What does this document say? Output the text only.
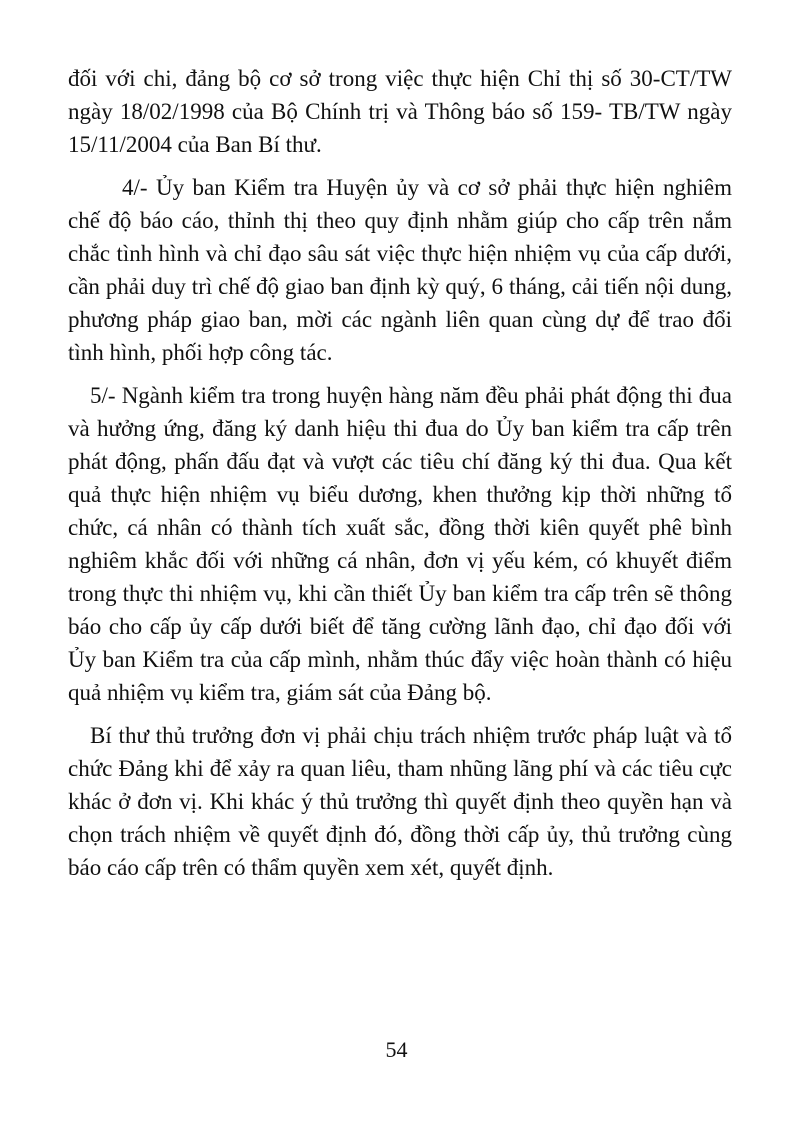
đối với chi, đảng bộ cơ sở trong việc thực hiện Chỉ thị số 30-CT/TW ngày 18/02/1998 của Bộ Chính trị và Thông báo số 159- TB/TW ngày 15/11/2004 của Ban Bí thư.

4/- Ủy ban Kiểm tra Huyện ủy và cơ sở phải thực hiện nghiêm chế độ báo cáo, thỉnh thị theo quy định nhằm giúp cho cấp trên nắm chắc tình hình và chỉ đạo sâu sát việc thực hiện nhiệm vụ của cấp dưới, cần phải duy trì chế độ giao ban định kỳ quý, 6 tháng, cải tiến nội dung, phương pháp giao ban, mời các ngành liên quan cùng dự để trao đổi tình hình, phối hợp công tác.

5/- Ngành kiểm tra trong huyện hàng năm đều phải phát động thi đua và hưởng ứng, đăng ký danh hiệu thi đua do Ủy ban kiểm tra cấp trên phát động, phấn đấu đạt và vượt các tiêu chí đăng ký thi đua. Qua kết quả thực hiện nhiệm vụ biểu dương, khen thưởng kịp thời những tổ chức, cá nhân có thành tích xuất sắc, đồng thời kiên quyết phê bình nghiêm khắc đối với những cá nhân, đơn vị yếu kém, có khuyết điểm trong thực thi nhiệm vụ, khi cần thiết Ủy ban kiểm tra cấp trên sẽ thông báo cho cấp ủy cấp dưới biết để tăng cường lãnh đạo, chỉ đạo đối với Ủy ban Kiểm tra của cấp mình, nhằm thúc đẩy việc hoàn thành có hiệu quả nhiệm vụ kiểm tra, giám sát của Đảng bộ.

Bí thư thủ trưởng đơn vị phải chịu trách nhiệm trước pháp luật và tổ chức Đảng khi để xảy ra quan liêu, tham nhũng lãng phí và các tiêu cực khác ở đơn vị. Khi khác ý thủ trưởng thì quyết định theo quyền hạn và chọn trách nhiệm về quyết định đó, đồng thời cấp ủy, thủ trưởng cùng báo cáo cấp trên có thẩm quyền xem xét, quyết định.

54
